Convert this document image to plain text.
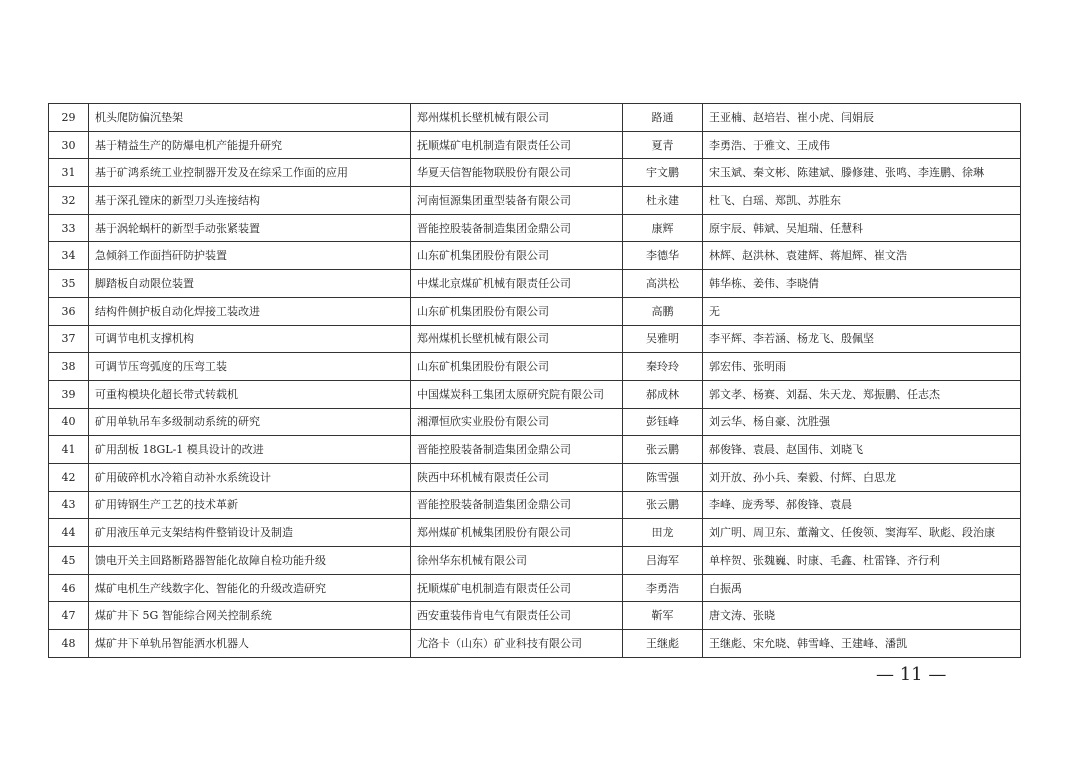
29	机头爬防偏沉垫架	郑州煤机长壁机械有限公司	路通	王亚楠、赵培岩、崔小虎、闫娟辰
30	基于精益生产的防爆电机产能提升研究	抚顺煤矿电机制造有限责任公司	夏青	李勇浩、于雅文、王成伟
31	基于矿鸿系统工业控制器开发及在综采工作面的应用	华夏天信智能物联股份有限公司	宇文鹏	宋玉斌、秦文彬、陈建斌、滕修建、张鸣、李连鹏、徐琳
32	基于深孔镗床的新型刀头连接结构	河南恒源集团重型装备有限公司	杜永建	杜飞、白瑶、郑凯、苏胜东
33	基于涡轮蜗杆的新型手动张紧装置	晋能控股装备制造集团金鼎公司	康辉	原宇辰、韩斌、吴旭瑞、任慧科
34	急倾斜工作面挡矸防护装置	山东矿机集团股份有限公司	李德华	林辉、赵洪林、袁建辉、蒋旭辉、崔文浩
35	脚踏板自动限位装置	中煤北京煤矿机械有限责任公司	高洪松	韩华栋、姜伟、李晓倩
36	结构件侧护板自动化焊接工装改进	山东矿机集团股份有限公司	高鹏	无
37	可调节电机支撑机构	郑州煤机长壁机械有限公司	吴雅明	李平辉、李若涵、杨龙飞、殷佩坚
38	可调节压弯弧度的压弯工装	山东矿机集团股份有限公司	秦玲玲	郭宏伟、张明雨
39	可重构模块化超长带式转载机	中国煤炭科工集团太原研究院有限公司	郝成林	郭文孝、杨赛、刘磊、朱天龙、郑振鹏、任志杰
40	矿用单轨吊车多级制动系统的研究	湘潭恒欣实业股份有限公司	彭钰峰	刘云华、杨自豪、沈胜强
41	矿用刮板 18GL-1 模具设计的改进	晋能控股装备制造集团金鼎公司	张云鹏	郝俊锋、袁晨、赵国伟、刘晓飞
42	矿用破碎机水冷箱自动补水系统设计	陕西中环机械有限责任公司	陈雪强	刘开放、孙小兵、秦毅、付辉、白思龙
43	矿用铸钢生产工艺的技术革新	晋能控股装备制造集团金鼎公司	张云鹏	李峰、庞秀琴、郝俊锋、袁晨
44	矿用液压单元支架结构件整销设计及制造	郑州煤矿机械集团股份有限公司	田龙	刘广明、周卫东、董瀚文、任俊领、窦海军、耿彪、段治康
45	馈电开关主回路断路器智能化故障自检功能升级	徐州华东机械有限公司	吕海军	单梓贺、张魏巍、时康、毛鑫、杜雷锋、齐行利
46	煤矿电机生产线数字化、智能化的升级改造研究	抚顺煤矿电机制造有限责任公司	李勇浩	白振禹
47	煤矿井下 5G 智能综合网关控制系统	西安重装伟肯电气有限责任公司	靳军	唐文涛、张晓
48	煤矿井下单轨吊智能洒水机器人	尤洛卡（山东）矿业科技有限公司	王继彪	王继彪、宋允晓、韩雪峰、王建峰、潘凯
— 11 —
